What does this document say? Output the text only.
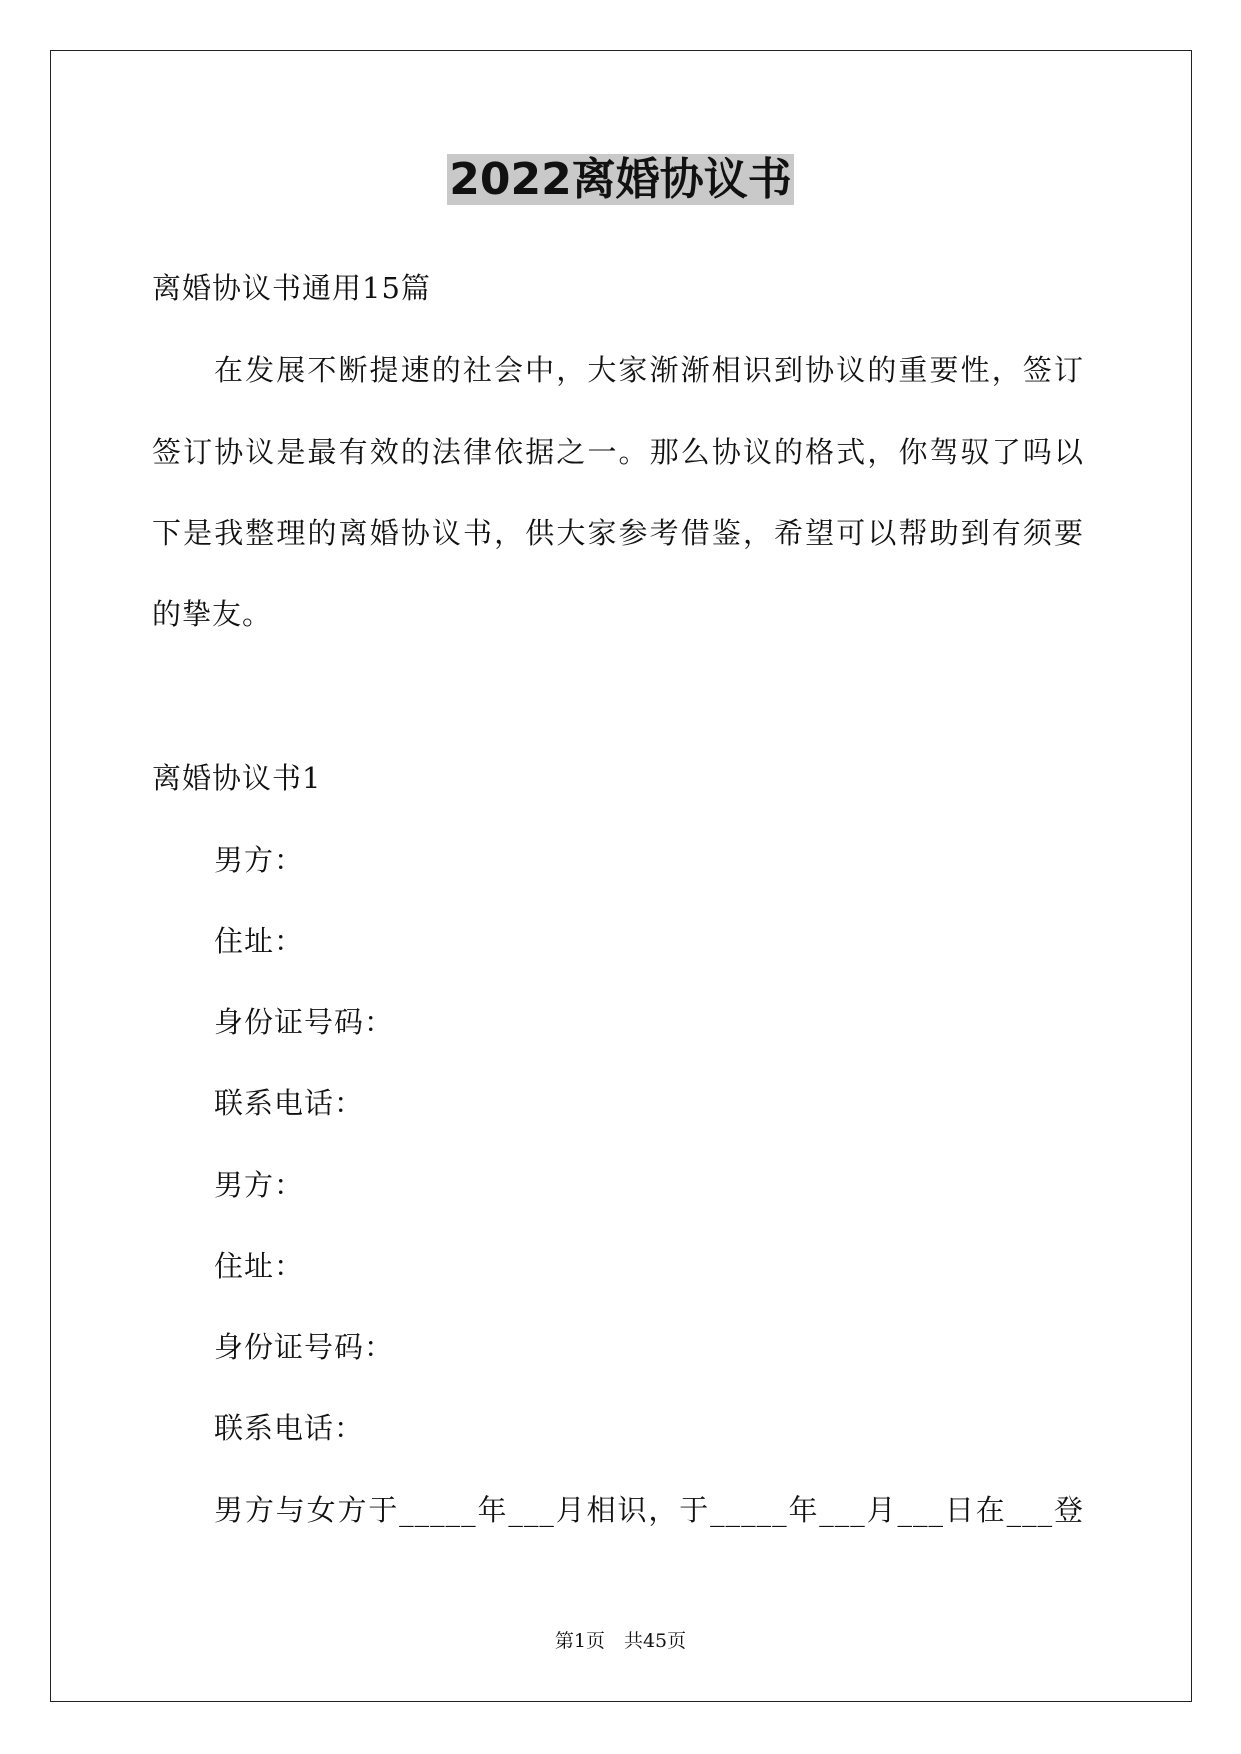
2022离婚协议书
离婚协议书通用15篇
在发展不断提速的社会中，大家渐渐相识到协议的重要性，签订
签订协议是最有效的法律依据之一。那么协议的格式，你驾驭了吗以
下是我整理的离婚协议书，供大家参考借鉴，希望可以帮助到有须要
的挚友。
离婚协议书1
男方：
住址：
身份证号码：
联系电话：
男方：
住址：
身份证号码：
联系电话：
男方与女方于_____年___月相识，于_____年___月___日在___登
第1页　共45页
